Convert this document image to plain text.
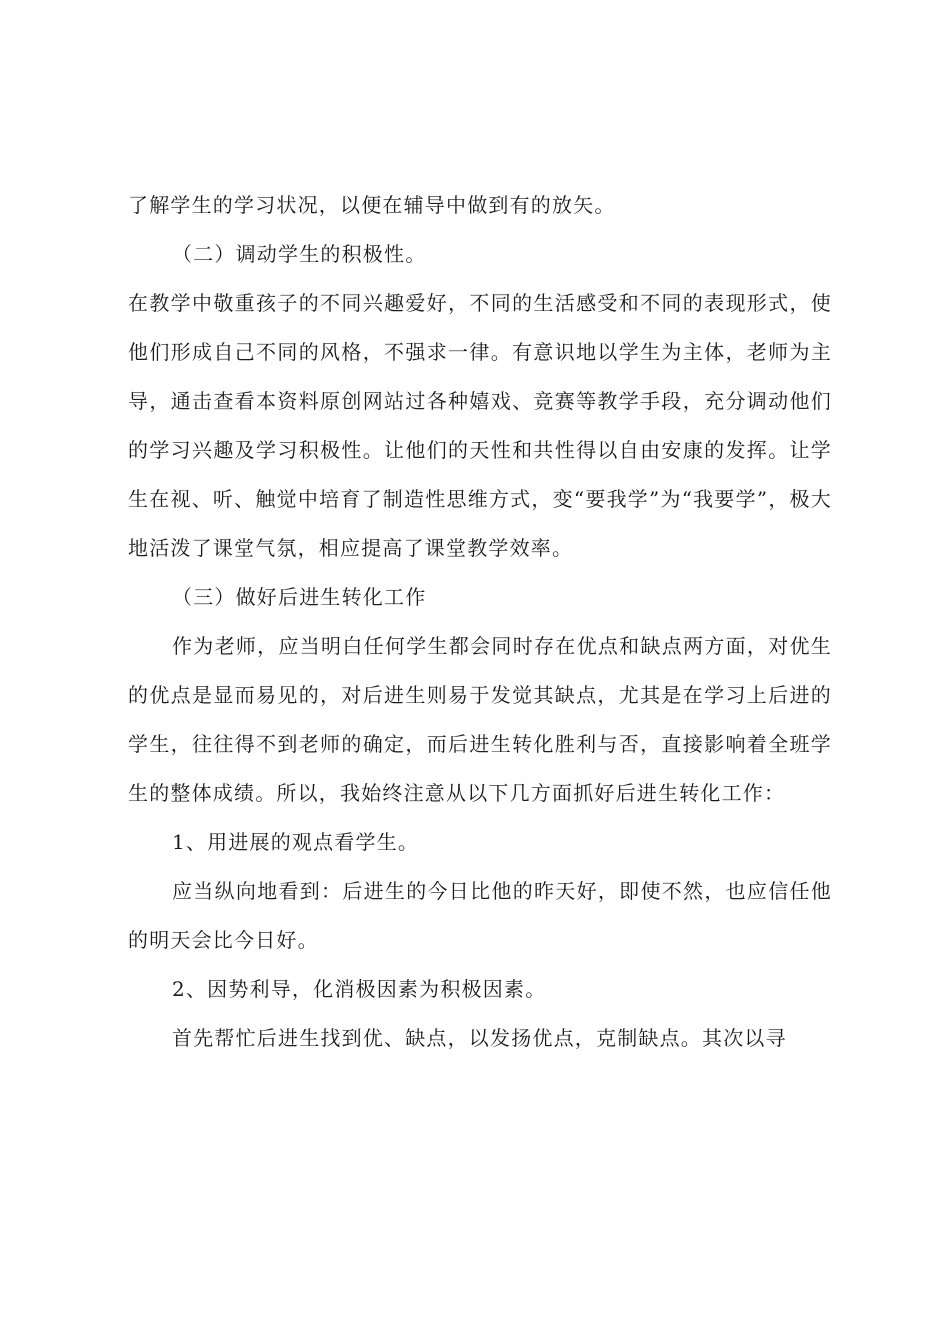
了解学生的学习状况，以便在辅导中做到有的放矢。

（二）调动学生的积极性。

在教学中敬重孩子的不同兴趣爱好，不同的生活感受和不同的表现形式，使他们形成自己不同的风格，不强求一律。有意识地以学生为主体，老师为主导，通击查看本资料原创网站过各种嬉戏、竞赛等教学手段，充分调动他们的学习兴趣及学习积极性。让他们的天性和共性得以自由安康的发挥。让学生在视、听、触觉中培育了制造性思维方式，变“要我学”为“我要学”，极大地活泼了课堂气氛，相应提高了课堂教学效率。

（三）做好后进生转化工作

作为老师，应当明白任何学生都会同时存在优点和缺点两方面，对优生的优点是显而易见的，对后进生则易于发觉其缺点，尤其是在学习上后进的学生，往往得不到老师的确定，而后进生转化胜利与否，直接影响着全班学生的整体成绩。所以，我始终注意从以下几方面抓好后进生转化工作：

1、用进展的观点看学生。

应当纵向地看到：后进生的今日比他的昨天好，即使不然，也应信任他的明天会比今日好。

2、因势利导，化消极因素为积极因素。

首先帮忙后进生找到优、缺点，以发扬优点，克制缺点。其次以寻
